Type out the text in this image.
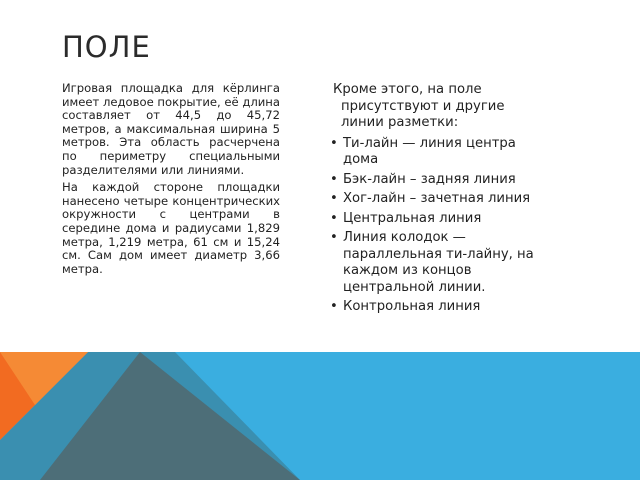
ПОЛЕ

Игровая площадка для кёрлинга имеет ледовое покрытие, её длина составляет от 44,5 до 45,72 метров, а максимальная ширина 5 метров. Эта область расчерчена по периметру специальными разделителями или линиями.

На каждой стороне площадки нанесено четыре концентрических окружности с центрами в середине дома и радиусами 1,829 метра, 1,219 метра, 61 см и 15,24 см. Сам дом имеет диаметр 3,66 метра.

Кроме этого, на поле присутствуют и другие линии разметки:
• Ти-лайн — линия центра дома
• Бэк-лайн – задняя линия
• Хог-лайн – зачетная линия
• Центральная линия
• Линия колодок — параллельная ти-лайну, на каждом из концов центральной линии.
• Контрольная линия
